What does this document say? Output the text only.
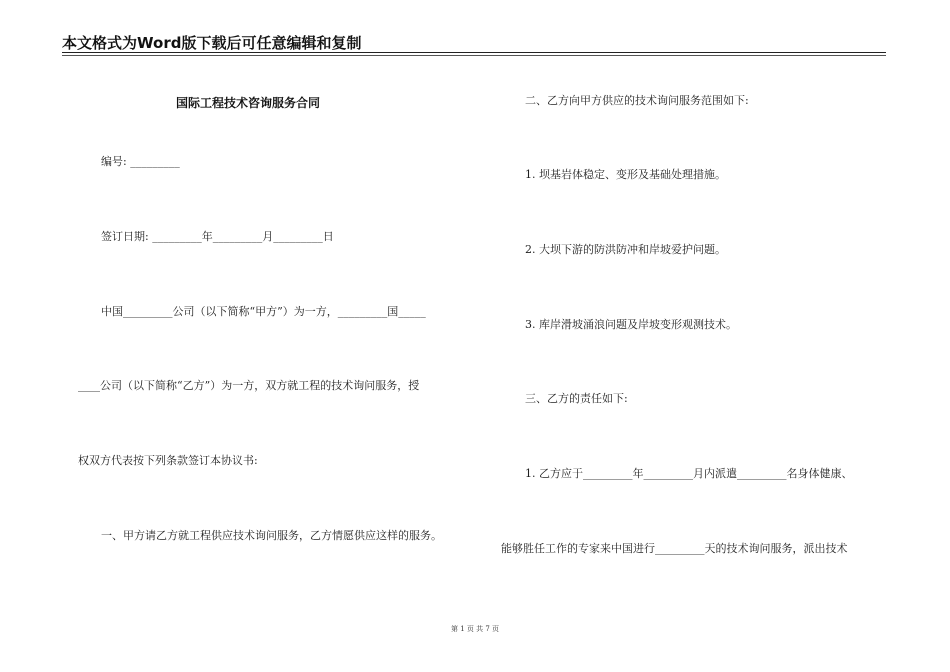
本文格式为Word版下载后可任意编辑和复制
国际工程技术咨询服务合同
编号: _________
签订日期: _________年_________月_________日
中国_________公司（以下简称“甲方”）为一方，_________国_____
____公司（以下简称“乙方”）为一方，双方就工程的技术询问服务，授
权双方代表按下列条款签订本协议书:
一、甲方请乙方就工程供应技术询问服务，乙方情愿供应这样的服务。
二、乙方向甲方供应的技术询问服务范围如下:
1. 坝基岩体稳定、变形及基础处理措施。
2. 大坝下游的防洪防冲和岸坡爱护问题。
3. 库岸滑坡涌浪问题及岸坡变形观测技术。
三、乙方的责任如下:
1. 乙方应于_________年_________月内派遣_________名身体健康、
能够胜任工作的专家来中国进行_________天的技术询问服务，派出技术
第 1 页 共 7 页
